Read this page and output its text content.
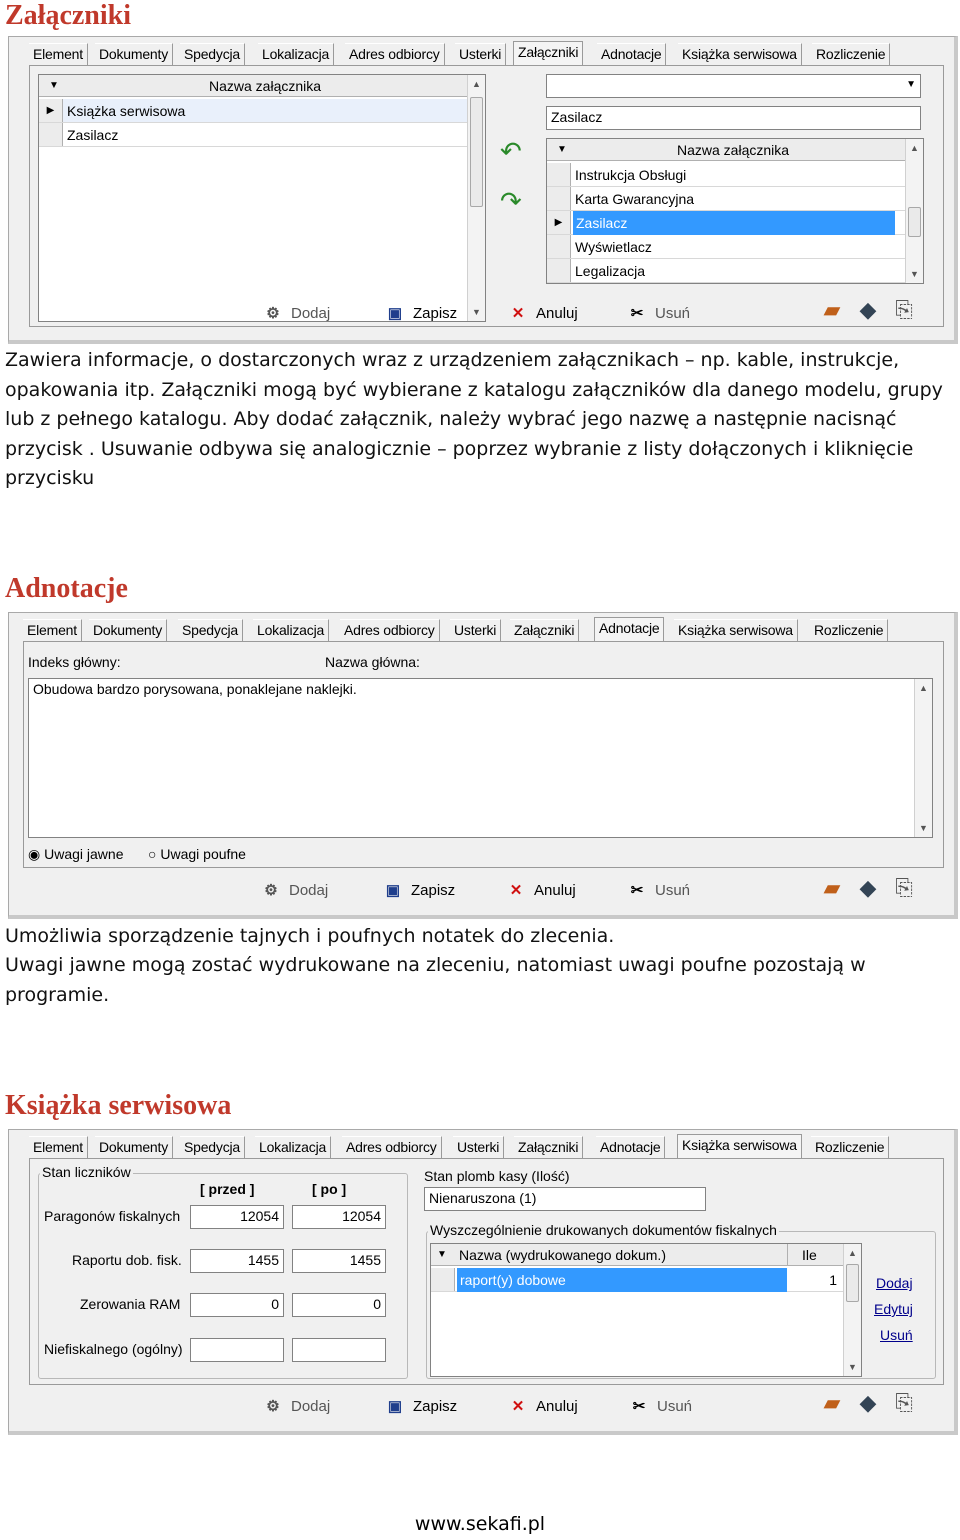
Załączniki
Element	Dokumenty	Spedycja	Lokalizacja	Adres odbiorcy	Usterki	Załączniki	Adnotacje	Książka serwisowa	Rozliczenie
▼	Nazwa załącznika
▶ Książka serwisowa
Zasilacz
▲
▼
↶
↷
▼
Zasilacz
▼	Nazwa załącznika
Instrukcja Obsługi
Karta Gwarancyjna
▶ Zasilacz
Wyświetlacz
Legalizacja
▲
▼
⚙ Dodaj	▣ Zapisz	✕ Anuluj	✂ Usuń	▰ ◆ ⎘
Zawiera informacje, o dostarczonych wraz z urządzeniem załącznikach – np. kable, instrukcje, opakowania itp. Załączniki mogą być wybierane z katalogu załączników dla danego modelu, grupy lub z pełnego katalogu. Aby dodać załącznik, należy wybrać jego nazwę a następnie nacisnąć przycisk . Usuwanie odbywa się analogicznie – poprzez wybranie z listy dołączonych i kliknięcie przycisku
Adnotacje
Element	Dokumenty	Spedycja	Lokalizacja	Adres odbiorcy	Usterki	Załączniki	Adnotacje	Książka serwisowa	Rozliczenie
Indeks główny:	Nazwa główna:
Obudowa bardzo porysowana, ponaklejane naklejki.	▲
▼
◉ Uwagi jawne ○ Uwagi poufne
⚙ Dodaj	▣ Zapisz	✕ Anuluj	✂ Usuń	▰ ◆ ⎘
Umożliwia sporządzenie tajnych i poufnych notatek do zlecenia.
Uwagi jawne mogą zostać wydrukowane na zleceniu, natomiast uwagi poufne pozostają w programie.
Książka serwisowa
Element	Dokumenty	Spedycja	Lokalizacja	Adres odbiorcy	Usterki	Załączniki	Adnotacje	Książka serwisowa	Rozliczenie
Stan liczników
[ przed ]	[ po ]
Paragonów fiskalnych	12054	12054
Raportu dob. fisk.	1455	1455
Zerowania RAM	0	0
Niefiskalnego (ogólny)
Stan plomb kasy (Ilość)
Nienaruszona (1)
Wyszczególnienie drukowanych dokumentów fiskalnych
▼ Nazwa (wydrukowanego dokum.)	Ile
raport(y) dobowe	1
▲
▼
Dodaj
Edytuj
Usuń
⚙ Dodaj	▣ Zapisz	✕ Anuluj	✂ Usuń	▰ ◆ ⎘
www.sekafi.pl
